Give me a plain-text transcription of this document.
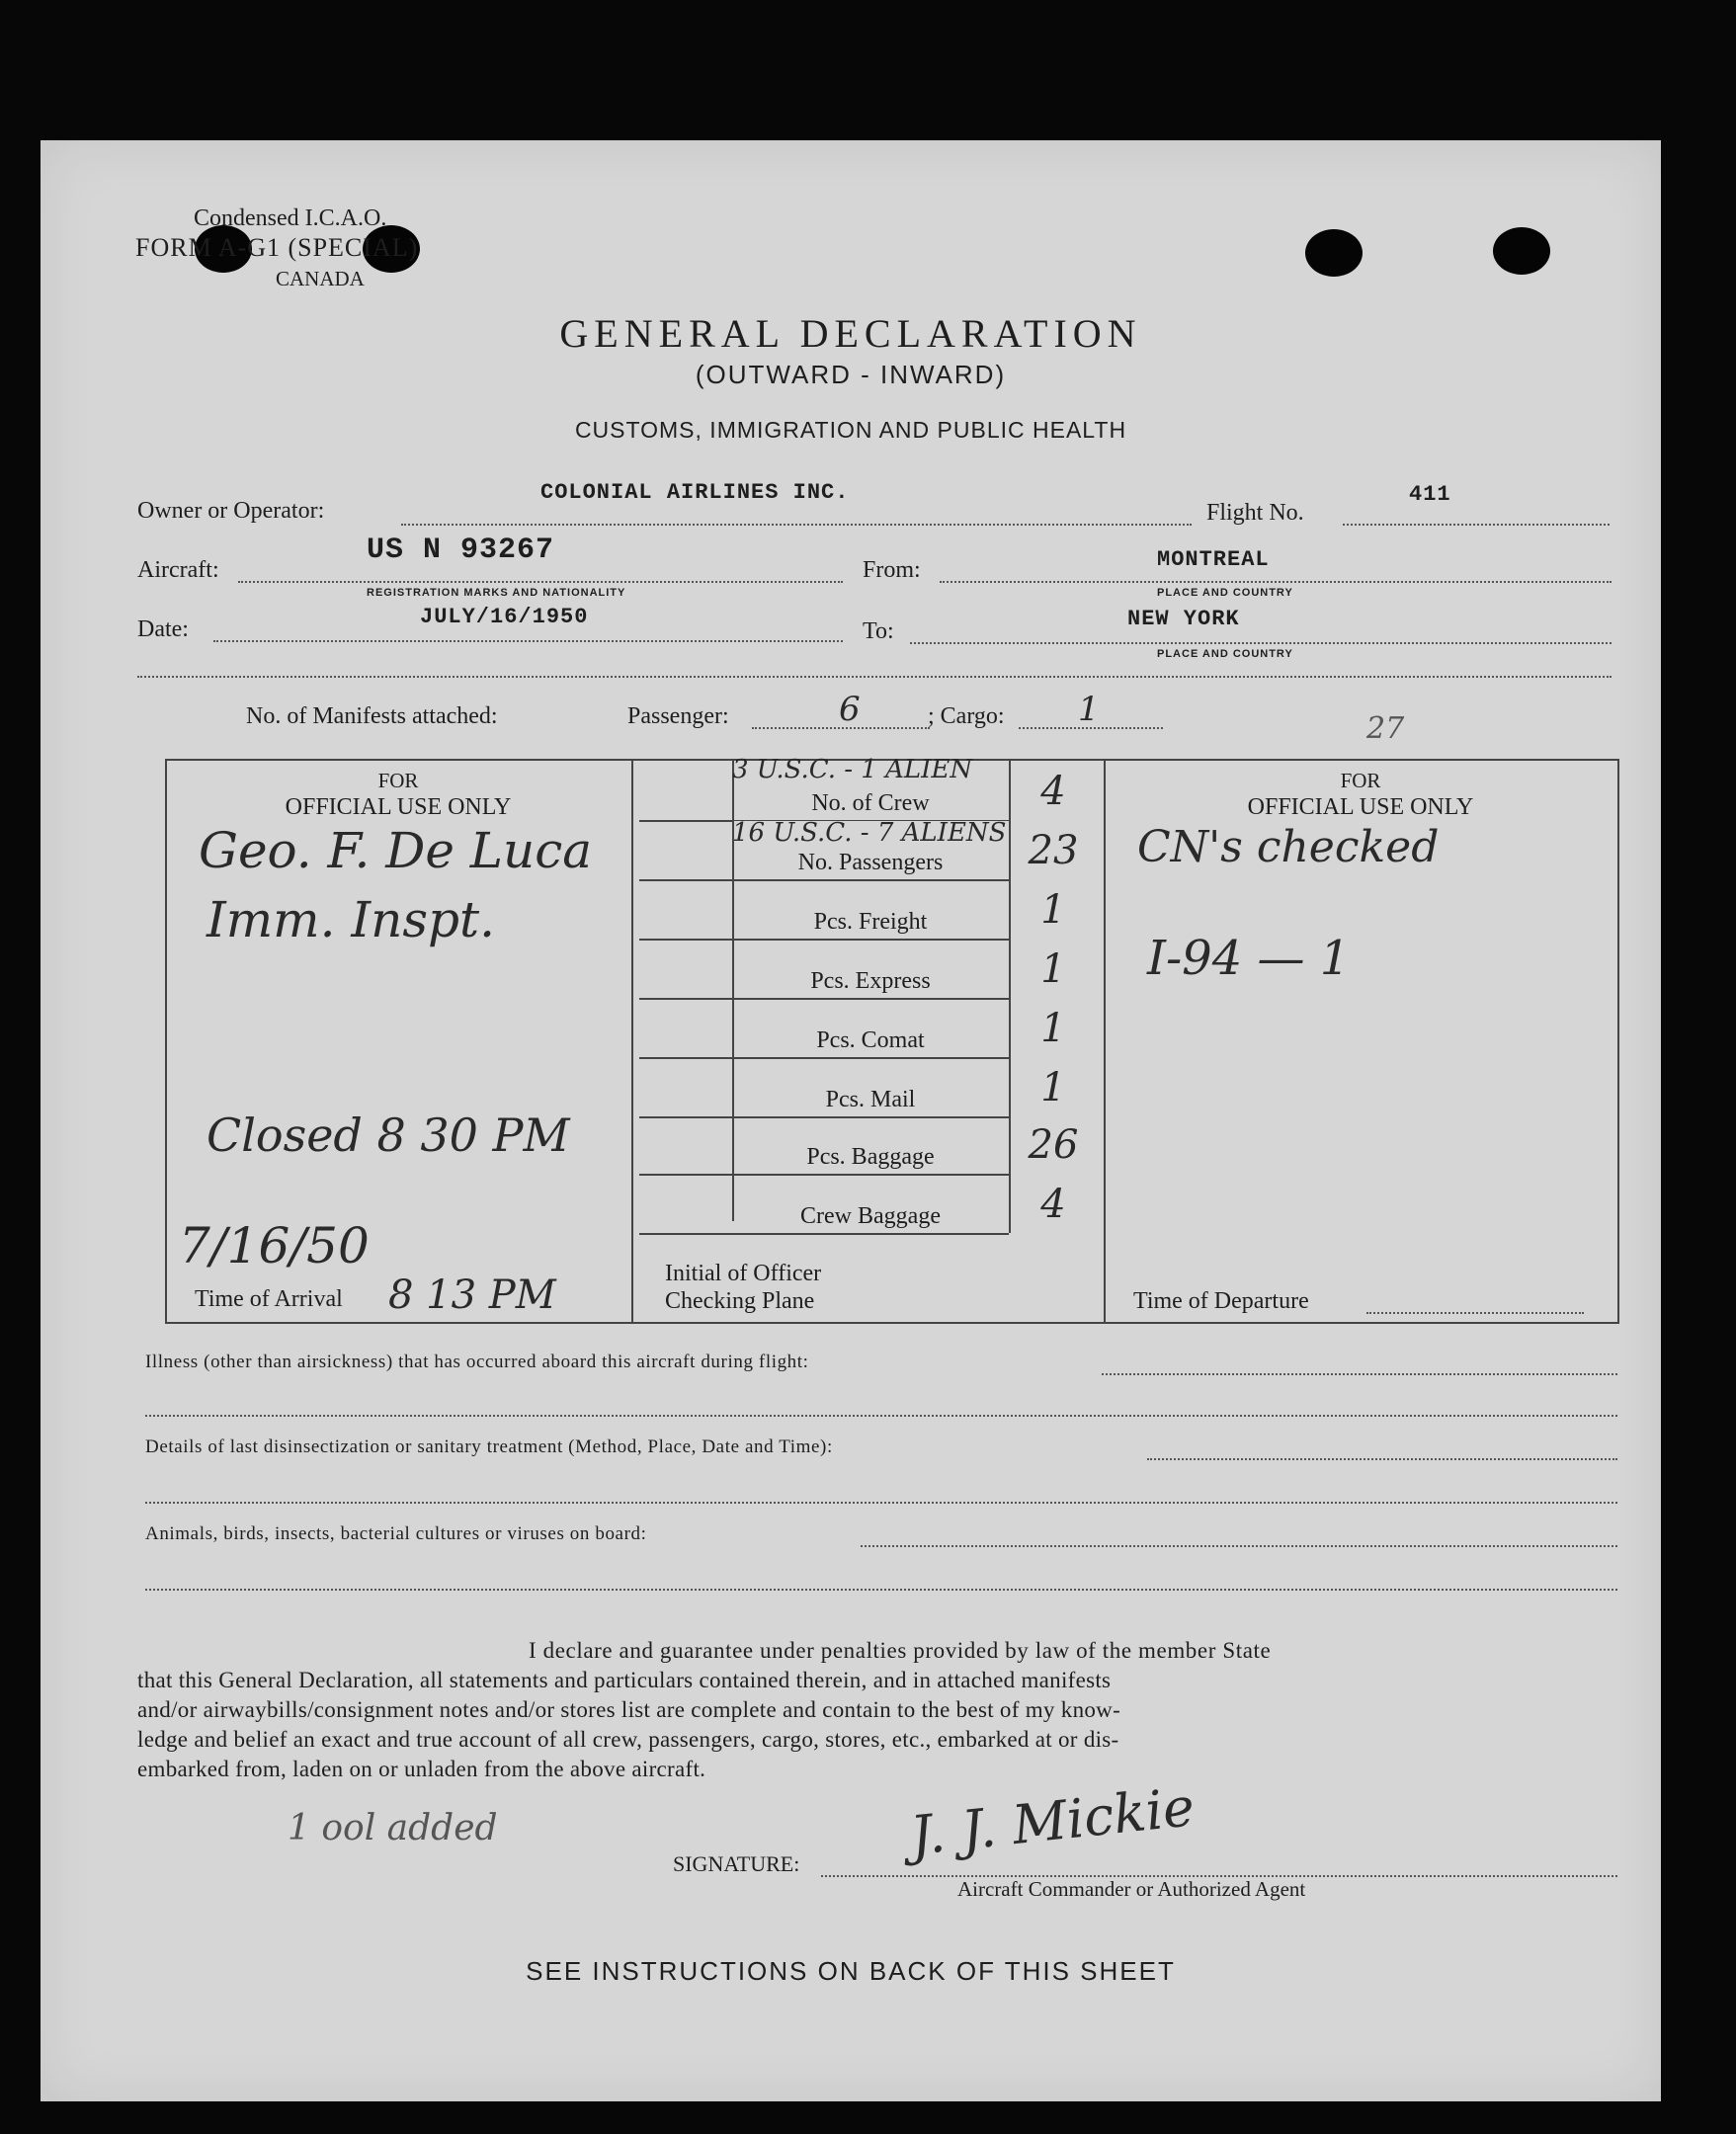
Condensed I.C.A.O.
FORM A-G1 (SPECIAL)
CANADA
GENERAL DECLARATION
(OUTWARD - INWARD)
CUSTOMS, IMMIGRATION AND PUBLIC HEALTH
Owner or Operator:
COLONIAL AIRLINES INC.
Flight No.
411
Aircraft:
US N 93267
REGISTRATION MARKS AND NATIONALITY
From:	MONTREAL
PLACE AND COUNTRY
Date:	JULY/16/1950
To:	NEW YORK
PLACE AND COUNTRY
No. of Manifests attached:	Passenger:	6	; Cargo: 1	27
FOR
OFFICIAL USE ONLY
Geo. F. De Luca
Imm. Inspt.
Closed 8 30 PM
7/16/50
Time of Arrival 8 13 PM
3 U.S.C. - 1 ALIEN
16 U.S.C. - 7 ALIENS
No. of Crew	4
No. Passengers	23
Pcs. Freight	1
Pcs. Express	1
Pcs. Comat	1
Pcs. Mail	1
Pcs. Baggage	26
Crew Baggage	4
Initial of Officer
Checking Plane
FOR
OFFICIAL USE ONLY
CN's checked
I-94 — 1
Time of Departure
Illness (other than airsickness) that has occurred aboard this aircraft during flight:
Details of last disinsectization or sanitary treatment (Method, Place, Date and Time):
Animals, birds, insects, bacterial cultures or viruses on board:
I declare and guarantee under penalties provided by law of the member State
that this General Declaration, all statements and particulars contained therein, and in attached manifests
and/or airwaybills/consignment notes and/or stores list are complete and contain to the best of my know-
ledge and belief an exact and true account of all crew, passengers, cargo, stores, etc., embarked at or dis-
embarked from, laden on or unladen from the above aircraft.
1 ool added
SIGNATURE: J. J. Mickie
Aircraft Commander or Authorized Agent
SEE INSTRUCTIONS ON BACK OF THIS SHEET
